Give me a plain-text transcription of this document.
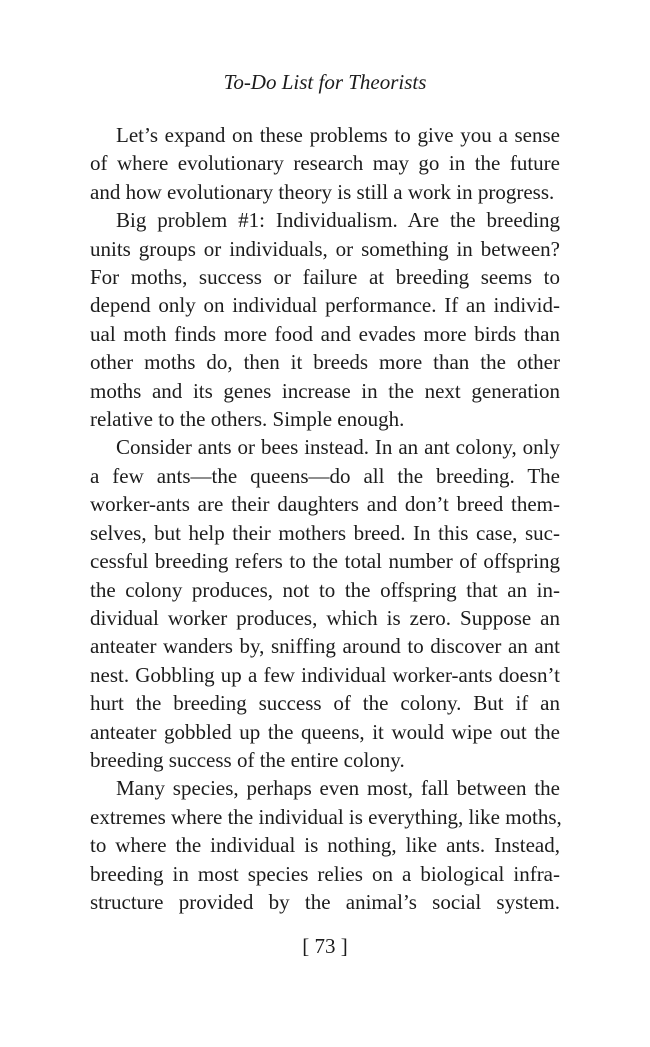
To-Do List for Theorists
Let’s expand on these problems to give you a sense
of where evolutionary research may go in the future
and how evolutionary theory is still a work in progress.
Big problem #1: Individualism. Are the breeding
units groups or individuals, or something in between?
For moths, success or failure at breeding seems to
depend only on individual performance. If an individ-
ual moth finds more food and evades more birds than
other moths do, then it breeds more than the other
moths and its genes increase in the next generation
relative to the others. Simple enough.
Consider ants or bees instead. In an ant colony, only
a few ants—the queens—do all the breeding. The
worker-ants are their daughters and don’t breed them-
selves, but help their mothers breed. In this case, suc-
cessful breeding refers to the total number of offspring
the colony produces, not to the offspring that an in-
dividual worker produces, which is zero. Suppose an
anteater wanders by, sniffing around to discover an ant
nest. Gobbling up a few individual worker-ants doesn’t
hurt the breeding success of the colony. But if an
anteater gobbled up the queens, it would wipe out the
breeding success of the entire colony.
Many species, perhaps even most, fall between the
extremes where the individual is everything, like moths,
to where the individual is nothing, like ants. Instead,
breeding in most species relies on a biological infra-
structure provided by the animal’s social system.
[ 73 ]
